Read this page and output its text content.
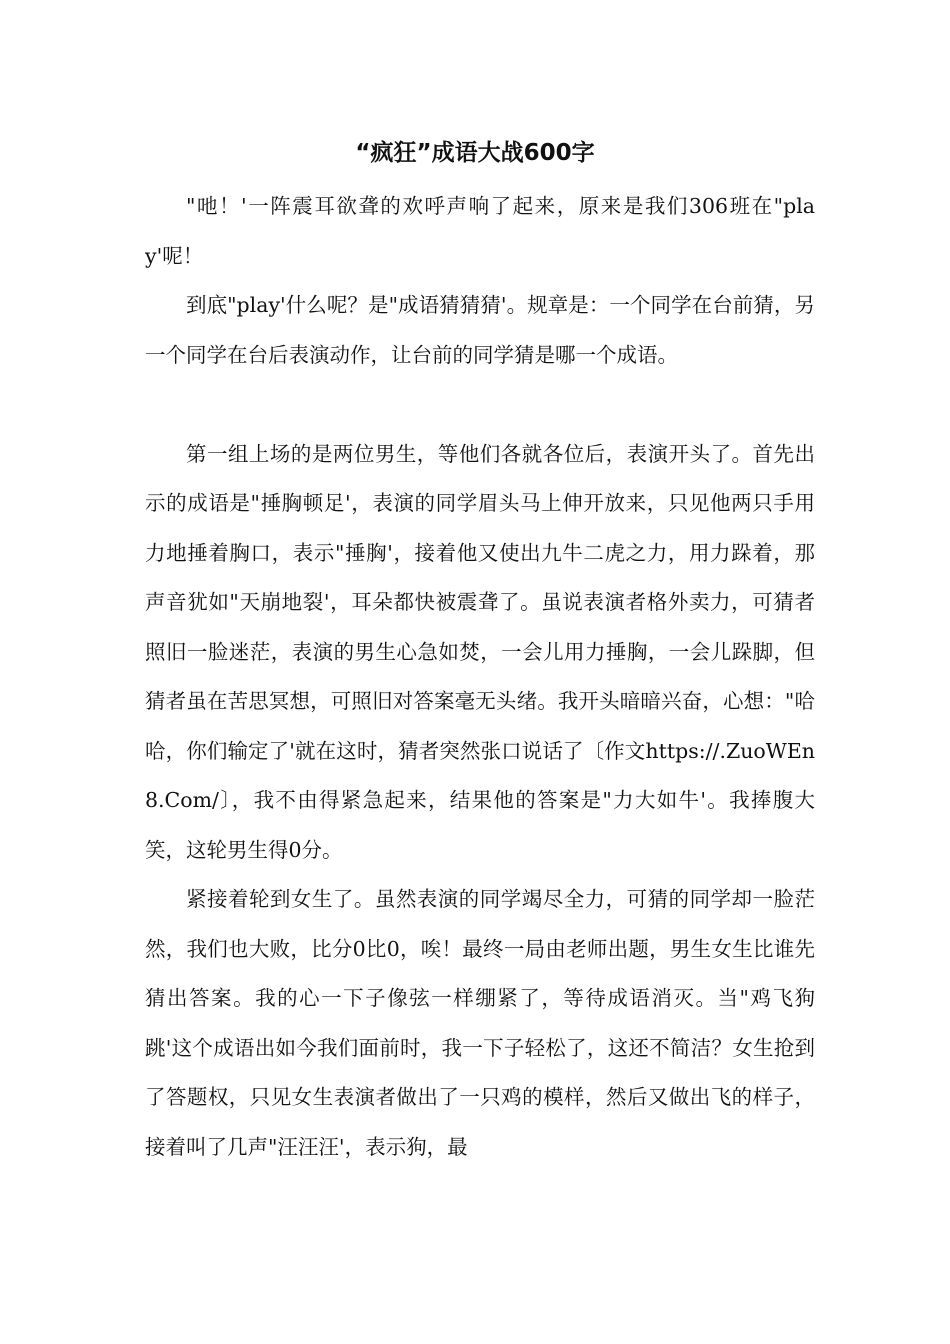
“疯狂”成语大战600字

"吔！'一阵震耳欲聋的欢呼声响了起来，原来是我们306班在"play'呢！

到底"play'什么呢？是"成语猜猜猜'。规章是：一个同学在台前猜，另一个同学在台后表演动作，让台前的同学猜是哪一个成语。

第一组上场的是两位男生，等他们各就各位后，表演开头了。首先出示的成语是"捶胸顿足'，表演的同学眉头马上伸开放来，只见他两只手用力地捶着胸口，表示"捶胸'，接着他又使出九牛二虎之力，用力跺着，那声音犹如"天崩地裂'，耳朵都快被震聋了。虽说表演者格外卖力，可猜者照旧一脸迷茫，表演的男生心急如焚，一会儿用力捶胸，一会儿跺脚，但猜者虽在苦思冥想，可照旧对答案毫无头绪。我开头暗暗兴奋，心想："哈哈，你们输定了'就在这时，猜者突然张口说话了〔作文https://.ZuoWEn8.Com/〕，我不由得紧急起来，结果他的答案是"力大如牛'。我捧腹大笑，这轮男生得0分。

紧接着轮到女生了。虽然表演的同学竭尽全力，可猜的同学却一脸茫然，我们也大败，比分0比0，唉！最终一局由老师出题，男生女生比谁先猜出答案。我的心一下子像弦一样绷紧了，等待成语消灭。当"鸡飞狗跳'这个成语出如今我们面前时，我一下子轻松了，这还不简洁？女生抢到了答题权，只见女生表演者做出了一只鸡的模样，然后又做出飞的样子，接着叫了几声"汪汪汪'，表示狗，最
